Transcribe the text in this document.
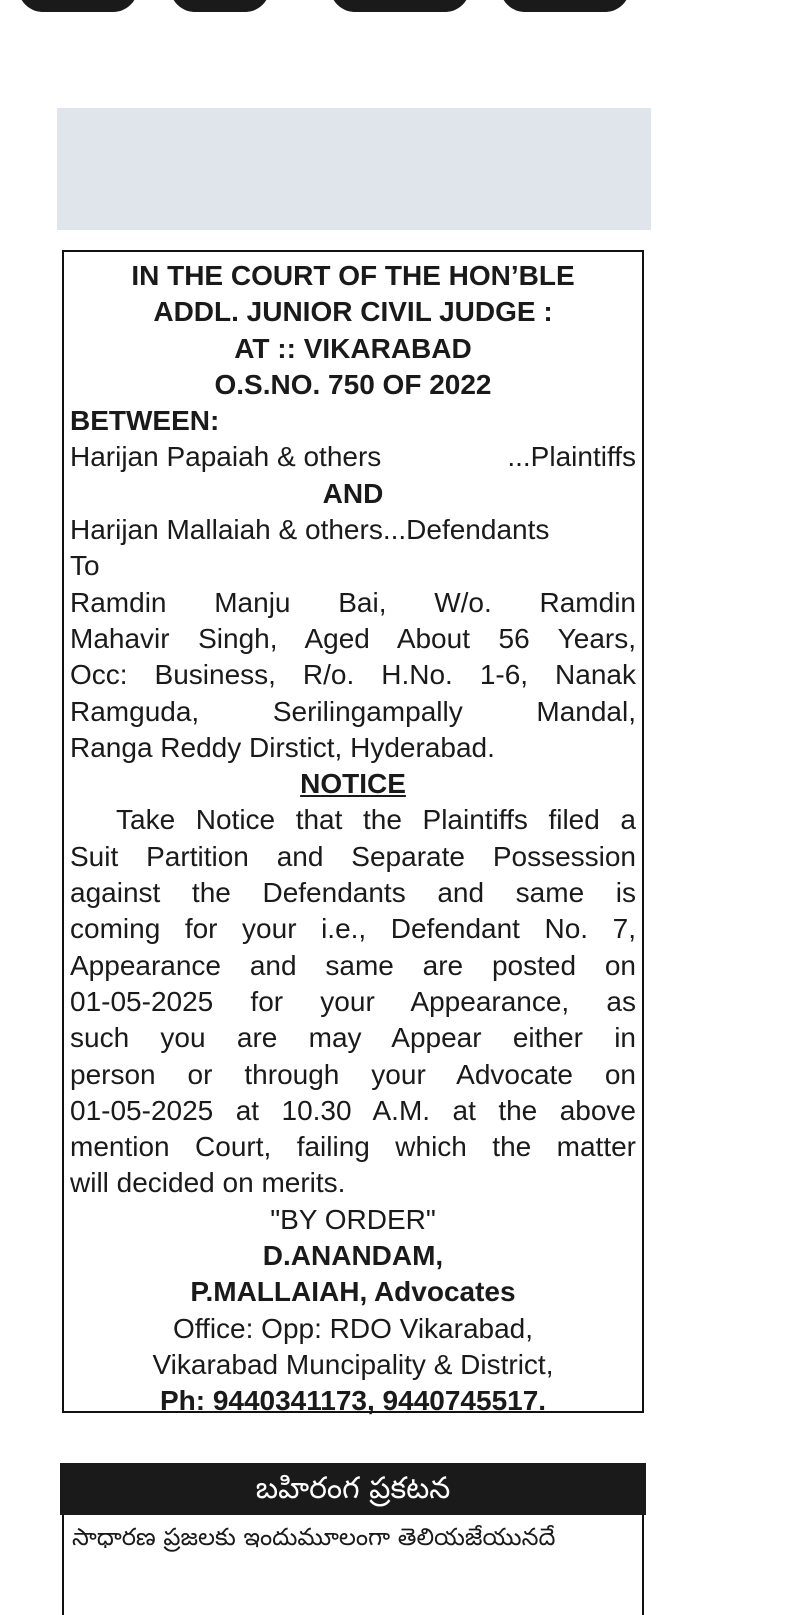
IN THE COURT OF THE HON’BLE
ADDL. JUNIOR CIVIL JUDGE :
AT :: VIKARABAD
O.S.NO. 750 OF 2022
BETWEEN:
Harijan Papaiah & others	...Plaintiffs
AND
Harijan Mallaiah & others...Defendants
To
Ramdin Manju Bai, W/o. Ramdin
Mahavir Singh, Aged About 56 Years,
Occ: Business, R/o. H.No. 1-6, Nanak
Ramguda, Serilingampally Mandal,
Ranga Reddy Dirstict, Hyderabad.
NOTICE
Take Notice that the Plaintiffs filed a
Suit Partition and Separate Possession
against the Defendants and same is
coming for your i.e., Defendant No. 7,
Appearance and same are posted on
01-05-2025 for your Appearance, as
such you are may Appear either in
person or through your Advocate on
01-05-2025 at 10.30 A.M. at the above
mention Court, failing which the matter
will decided on merits.
"BY ORDER"
D.ANANDAM,
P.MALLAIAH, Advocates
Office: Opp: RDO Vikarabad,
Vikarabad Muncipality & District,
Ph: 9440341173, 9440745517.
బహిరంగ ప్రకటన
సాధారణ ప్రజలకు ఇందుమూలంగా తెలియజేయునదే
